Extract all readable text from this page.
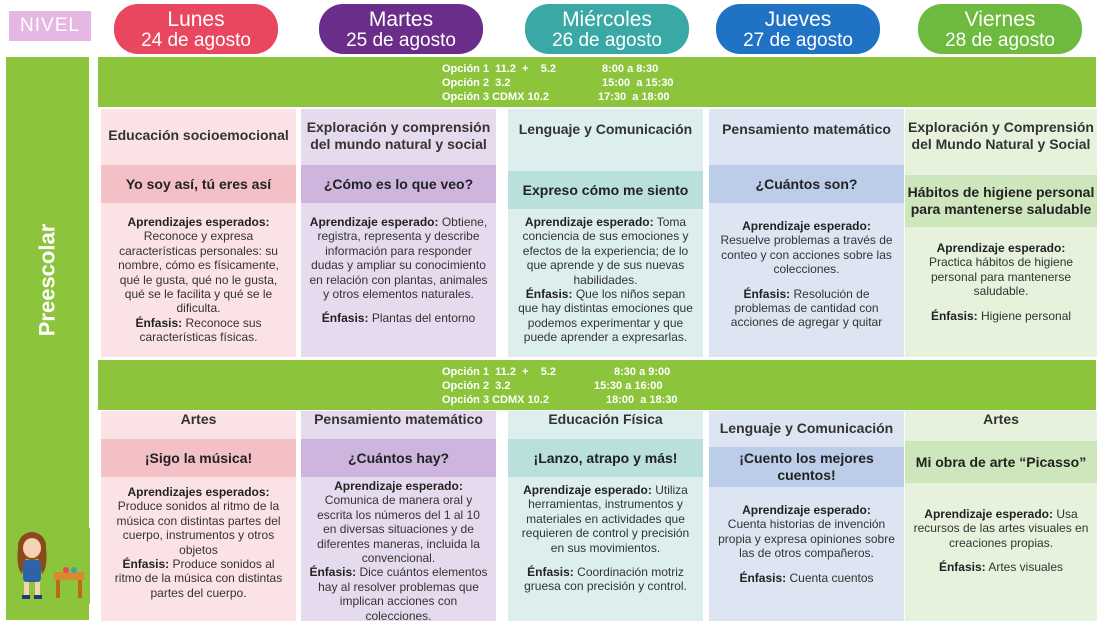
NIVEL	Lunes
24 de agosto
Martes
25 de agosto
Miércoles
26 de agosto
Jueves
27 de agosto
Viernes
28 de agosto
Preescolar
Opción 1  11.2  +    5.2
Opción 2  3.2
Opción 3 CDMX 10.2
8:00 a 8:30
15:00  a 15:30
17:30  a 18:00
Opción 1  11.2  +    5.2
Opción 2  3.2
Opción 3 CDMX 10.2
8:30 a 9:00
15:30 a 16:00
18:00  a 18:30
Educación socioemocional
Yo soy así, tú eres así
Aprendizajes esperados:
Reconoce y expresa características personales: su nombre, cómo es físicamente, qué le gusta, qué no le gusta, qué se le facilita y qué se le dificulta.
Énfasis: Reconoce sus características físicas.
Exploración y comprensión del mundo natural y social
¿Cómo es lo que veo?
Aprendizaje esperado: Obtiene, registra, representa y describe información para responder dudas y ampliar su conocimiento en relación con plantas, animales y otros elementos naturales.
Énfasis: Plantas del entorno
Lenguaje y Comunicación
Expreso cómo me siento
Aprendizaje esperado: Toma conciencia de sus emociones y efectos de la experiencia; de lo que aprende y de sus nuevas habilidades.
Énfasis: Que los niños sepan que hay distintas emociones que podemos experimentar y que puede aprender a expresarlas.
Pensamiento matemático
¿Cuántos son?
Aprendizaje esperado:
Resuelve problemas a través de conteo y con acciones sobre las colecciones.
Énfasis: Resolución de problemas de cantidad con acciones de agregar y quitar
Exploración y Comprensión del Mundo Natural y Social
Hábitos de higiene personal para mantenerse saludable
Aprendizaje esperado:
Practica hábitos de higiene personal para mantenerse saludable.
Énfasis: Higiene personal
Artes
¡Sigo la música!
Aprendizajes esperados:
Produce sonidos al ritmo de la música con distintas partes del cuerpo, instrumentos y otros objetos
Énfasis: Produce sonidos al ritmo de la música con distintas partes del cuerpo.
Pensamiento matemático
¿Cuántos hay?
Aprendizaje esperado:
Comunica de manera oral y escrita los números del 1 al 10 en diversas situaciones y de diferentes maneras, incluida la convencional.
Énfasis: Dice cuántos elementos hay al resolver problemas que implican acciones con colecciones.
Educación Física
¡Lanzo, atrapo y más!
Aprendizaje esperado: Utiliza herramientas, instrumentos y materiales en actividades que requieren de control y precisión en sus movimientos.
Énfasis: Coordinación motriz gruesa con precisión y control.
Lenguaje y Comunicación
¡Cuento los mejores cuentos!
Aprendizaje esperado:
Cuenta historias de invención propia y expresa opiniones sobre las de otros compañeros.
Énfasis: Cuenta cuentos
Artes
Mi obra de arte “Picasso”
Aprendizaje esperado: Usa recursos de las artes visuales en creaciones propias.
Énfasis: Artes visuales
